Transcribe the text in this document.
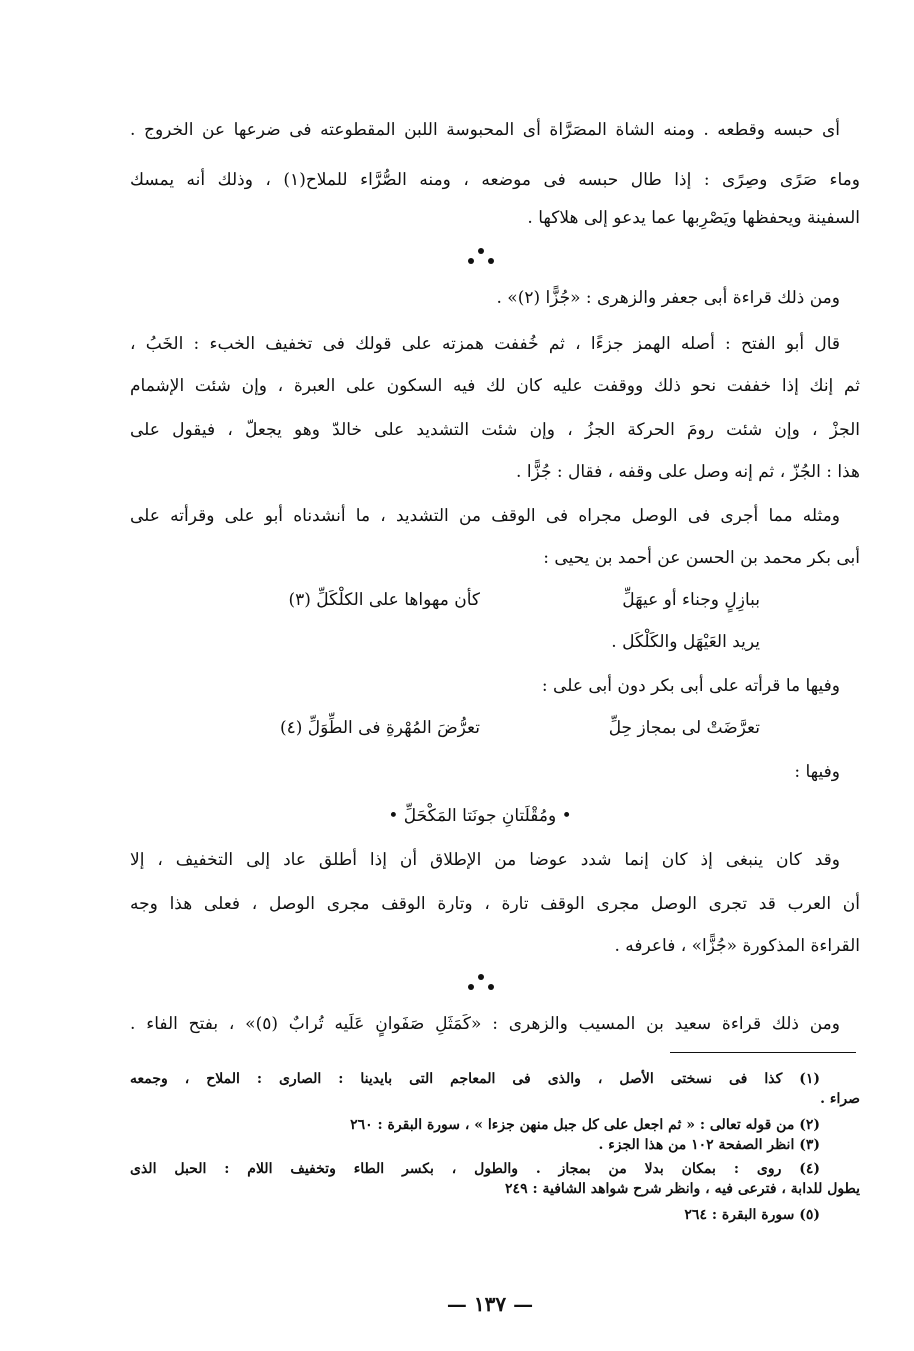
أى حبسه وقطعه . ومنه الشاة المصَرَّاة أى المحبوسة اللبن المقطوعته فى ضرعها عن الخروج .
وماء صَرًى وصِرًى : إذا طال حبسه فى موضعه ، ومنه الصُّرَّاء للملاح(١) ، وذلك أنه يمسك
السفينة ويحفظها ويَصْرِبها عما يدعو إلى هلاكها .
ومن ذلك قراءة أبى جعفر والزهرى : «جُزًّا (٢)» .
قال أبو الفتح : أصله الهمز جزءًا ، ثم خُففت همزته على قولك فى تخفيف الخبء : الخَبُ ،
ثم إنك إذا خففت نحو ذلك ووقفت عليه كان لك فيه السكون على العبرة ، وإن شئت الإشمام
الجزْ ، وإن شئت رومَ الحركة الجزُ ، وإن شئت التشديد على خالدّ وهو يجعلّ ، فيقول على
هذا : الجُزّ ، ثم إنه وصل على وقفه ، فقال : جُزًّا .
ومثله مما أجرى فى الوصل مجراه فى الوقف من التشديد ، ما أنشدناه أبو على وقرأته على
أبى بكر محمد بن الحسن عن أحمد بن يحيى :
ببازِلٍ وجناء أو عيهَلِّ
كأن مهواها على الكلْكَلِّ (٣)
يريد العَيْهَل والكَلْكَل .
وفيها ما قرأته على أبى بكر دون أبى على :
تعرَّضَتْ لى بمجاز حِلِّ
تعرُّضَ المُهْرةِ فى الطِّوَلِّ (٤)
وفيها :
• ومُقْلَتانِ جونَتا المَكْحَلِّ •
وقد كان ينبغى إذ كان إنما شدد عوضا من الإطلاق أن إذا أطلق عاد إلى التخفيف ، إلا
أن العرب قد تجرى الوصل مجرى الوقف تارة ، وتارة الوقف مجرى الوصل ، فعلى هذا وجه
القراءة المذكورة «جُزًّا» ، فاعرفه .
ومن ذلك قراءة سعيد بن المسيب والزهرى : «كَمَثَلِ صَفَوانٍ عَلَيه تُرابٌ (٥)» ، بفتح الفاء .
(١) كذا فى نسختى الأصل ، والذى فى المعاجم التى بايدينا : الصارى : الملاح ، وجمعه
صراء .
(٢) من قوله تعالى : « ثم اجعل على كل جبل منهن جزءا » ، سورة البقرة : ٢٦٠
(٣) انظر الصفحة ١٠٢ من هذا الجزء .
(٤) روى : بمكان بدلا من بمجاز . والطول ، بكسر الطاء وتخفيف اللام : الحبل الذى
يطول للدابة ، فترعى فيه ، وانظر شرح شواهد الشافية : ٢٤٩
(٥) سورة البقرة : ٢٦٤
— ١٣٧ —
